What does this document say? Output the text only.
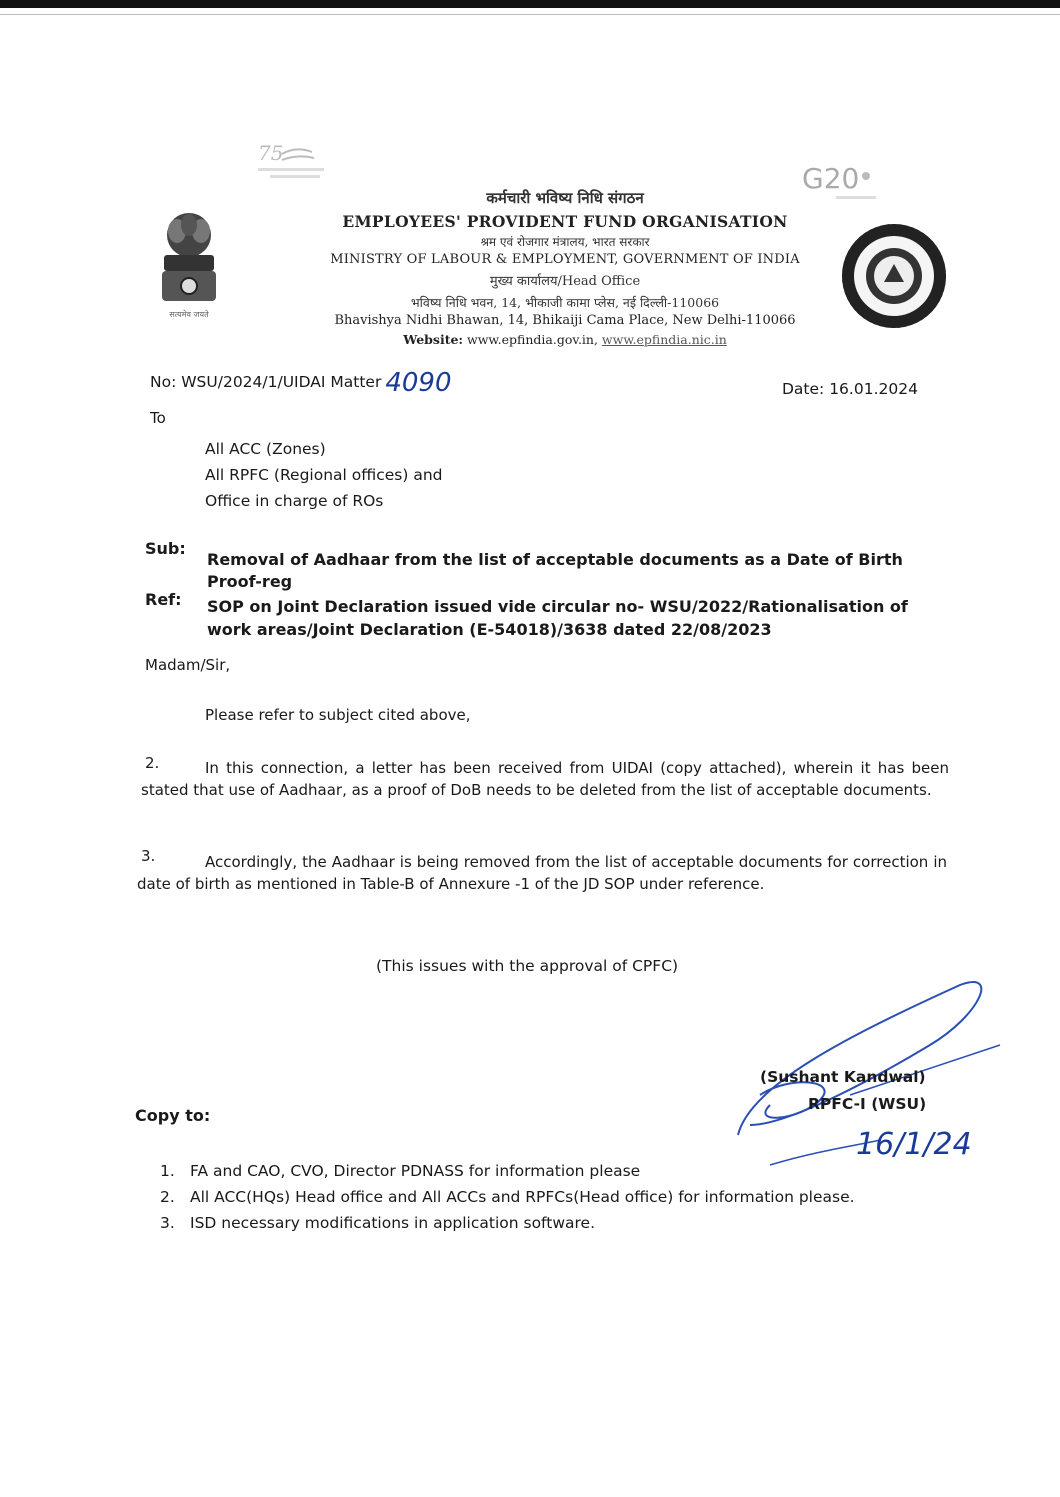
75
सत्यमेव जयते
G20
कर्मचारी भविष्य निधि संगठन
EMPLOYEES' PROVIDENT FUND ORGANISATION
श्रम एवं रोजगार मंत्रालय, भारत सरकार
MINISTRY OF LABOUR & EMPLOYMENT, GOVERNMENT OF INDIA
मुख्य कार्यालय/Head Office
भविष्य निधि भवन, 14, भीकाजी कामा प्लेस, नई दिल्ली-110066
Bhavishya Nidhi Bhawan, 14, Bhikaiji Cama Place, New Delhi-110066
Website: www.epfindia.gov.in, www.epfindia.nic.in
No: WSU/2024/1/UIDAI Matter 4090	Date: 16.01.2024
To
All ACC (Zones)
All RPFC (Regional offices) and
Office in charge of ROs
Sub:
Removal of Aadhaar from the list of acceptable documents as a Date of Birth Proof-reg
Ref: SOP on Joint Declaration issued vide circular no- WSU/2022/Rationalisation of work areas/Joint Declaration (E-54018)/3638 dated 22/08/2023
Madam/Sir,
Please refer to subject cited above,
2.	In this connection, a letter has been received from UIDAI (copy attached), wherein it has been stated that use of Aadhaar, as a proof of DoB needs to be deleted from the list of acceptable documents.
3.	Accordingly, the Aadhaar is being removed from the list of acceptable documents for correction in date of birth as mentioned in Table-B of Annexure -1 of the JD SOP under reference.
(This issues with the approval of CPFC)
(Sushant Kandwal)
RPFC-I (WSU)
16/1/24
Copy to:
1. FA and CAO, CVO, Director PDNASS for information please
2. All ACC(HQs) Head office and All ACCs and RPFCs(Head office) for information please.
3. ISD necessary modifications in application software.
